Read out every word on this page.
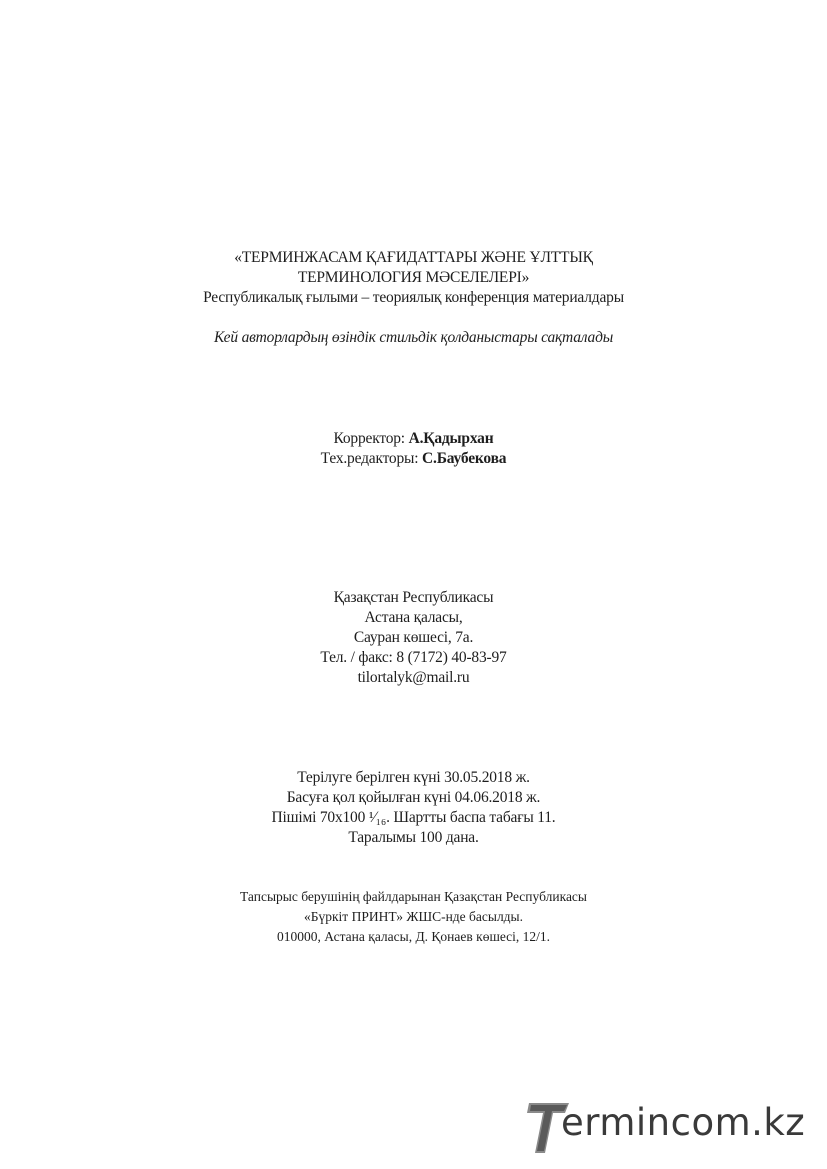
«ТЕРМИНЖАСАМ ҚАҒИДАТТАРЫ ЖӘНЕ ҰЛТТЫҚ
ТЕРМИНОЛОГИЯ МӘСЕЛЕЛЕРІ»
Республикалық ғылыми – теориялық конференция материалдары
Кей авторлардың өзіндік стильдік қолданыстары сақталады
Корректор: А.Қадырхан
Тех.редакторы: С.Баубекова
Қазақстан Республикасы
Астана қаласы,
Сауран көшесі, 7а.
Тел. / факс: 8 (7172) 40-83-97
tilortalyk@mail.ru
Терілуге берілген күні 30.05.2018 ж.
Басуға қол қойылған күні 04.06.2018 ж.
Пішімі 70х100 ¹⁄₁₆. Шартты баспа табағы 11.
Таралымы 100 дана.
Тапсырыс берушінің файлдарынан Қазақстан Республикасы
«Бүркіт ПРИНТ» ЖШС-нде басылды.
010000, Астана қаласы, Д. Қонаев көшесі, 12/1.
ermincom.kz
